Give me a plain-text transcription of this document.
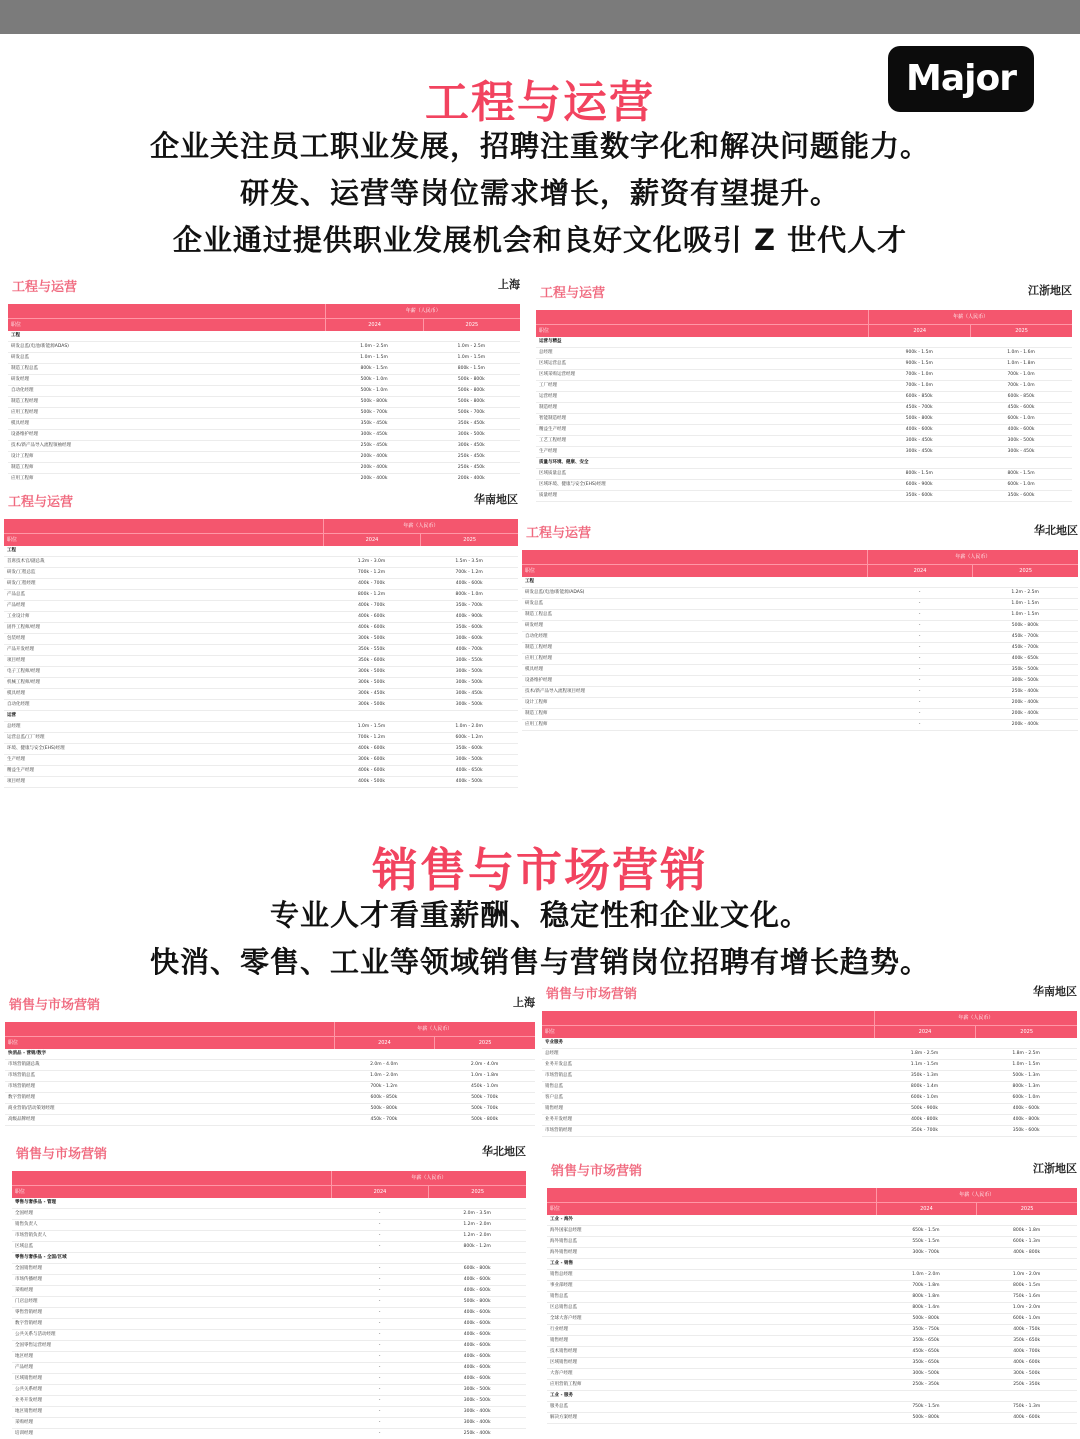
Major
工程与运营
企业关注员工职业发展，招聘注重数字化和解决问题能力。
研发、运营等岗位需求增长，薪资有望提升。
企业通过提供职业发展机会和良好文化吸引 Z 世代人才
销售与市场营销
专业人才看重薪酬、稳定性和企业文化。
快消、零售、工业等领域销售与营销岗位招聘有增长趋势。
工程与运营	上海
年薪（人民币）
职位	2024	2025
工程
研发总监(电池/新能源ADAS)	1.0m - 2.5m	1.0m - 2.5m
研发总监	1.0m - 1.5m	1.0m - 1.5m
制造工程总监	800k - 1.5m	800k - 1.5m
研发经理	500k - 1.0m	500k - 800k
自动化经理	500k - 1.0m	500k - 800k
制造工程经理	500k - 800k	500k - 800k
应用工程经理	500k - 700k	500k - 700k
模具经理	350k - 450k	350k - 450k
设备维护经理	300k - 450k	300k - 500k
技术/新产品导入流程领袖经理	250k - 450k	300k - 450k
设计工程师	200k - 400k	250k - 450k
制造工程师	200k - 400k	250k - 450k
应用工程师	200k - 400k	200k - 400k
工程与运营	江浙地区
年薪（人民币）
职位	2024	2025
运营与精益
总经理	900k - 1.5m	1.0m - 1.6m
区域运营总监	900k - 1.5m	1.0m - 1.8m
区域采购运营经理	700k - 1.0m	700k - 1.0m
工厂经理	700k - 1.0m	700k - 1.0m
运营经理	600k - 850k	600k - 850k
制造经理	450k - 700k	450k - 600k
智能制造经理	500k - 800k	600k - 1.0m
精益生产经理	400k - 600k	400k - 600k
工艺工程经理	300k - 450k	300k - 500k
生产经理	300k - 450k	300k - 450k
质量与环境、健康、安全
区域质量总监	800k - 1.5m	800k - 1.5m
区域环境、健康与安全(EHS)经理	600k - 900k	600k - 1.0m
质量经理	350k - 600k	350k - 600k
工程与运营	华南地区
年薪（人民币）
职位	2024	2025
工程
首席技术官/副总裁	1.2m - 3.0m	1.5m - 3.5m
研发/工程总监	700k - 1.2m	700k - 1.2m
研发/工程经理	400k - 700k	400k - 600k
产品总监	800k - 1.2m	800k - 1.0m
产品经理	400k - 700k	350k - 700k
工业设计师	400k - 600k	400k - 900k
固件工程师/经理	400k - 600k	350k - 600k
包装经理	300k - 500k	300k - 600k
产品开发经理	350k - 550k	400k - 700k
项目经理	350k - 600k	300k - 550k
电子工程师/经理	300k - 500k	300k - 500k
机械工程师/经理	300k - 500k	300k - 500k
模具经理	300k - 450k	300k - 450k
自动化经理	300k - 500k	300k - 500k
运营
总经理	1.0m - 1.5m	1.0m - 2.0m
运营总监/工厂经理	700k - 1.2m	600k - 1.2m
环境、健康与安全(EHS)经理	400k - 600k	350k - 600k
生产经理	300k - 600k	300k - 500k
精益生产经理	400k - 600k	400k - 650k
项目经理	400k - 500k	400k - 500k
工程与运营	华北地区
年薪（人民币）
职位	2024	2025
工程
研发总监(电池/新能源/ADAS)	-	1.2m - 2.5m
研发总监	-	1.0m - 1.5m
制造工程总监	-	1.0m - 1.5m
研发经理	-	500k - 800k
自动化经理	-	450k - 700k
制造工程经理	-	450k - 700k
应用工程经理	-	400k - 650k
模具经理	-	350k - 500k
设备维护经理	-	300k - 500k
技术/新产品导入流程项目经理	-	250k - 400k
设计工程师	-	200k - 400k
制造工程师	-	200k - 400k
应用工程师	-	200k - 400k
销售与市场营销	上海
年薪（人民币）
职位	2024	2025
快消品 - 营销/数字
市场营销副总裁	2.0m - 4.0m	2.0m - 4.0m
市场营销总监	1.0m - 2.0m	1.0m - 1.8m
市场营销经理	700k - 1.2m	450k - 1.0m
数字营销经理	600k - 850k	500k - 700k
商业营销/活动策划经理	500k - 800k	500k - 700k
高级品牌经理	450k - 700k	500k - 800k
销售与市场营销	华南地区
年薪（人民币）
职位	2024	2025
专业服务
总经理	1.8m - 2.5m	1.8m - 2.5m
业务开发总监	1.1m - 1.5m	1.0m - 1.5m
市场营销总监	350k - 1.3m	500k - 1.3m
销售总监	800k - 1.4m	800k - 1.3m
客户总监	600k - 1.0m	600k - 1.0m
销售经理	500k - 900k	400k - 600k
业务开发经理	400k - 800k	400k - 800k
市场营销经理	350k - 700k	350k - 600k
销售与市场营销	华北地区
年薪（人民币）
职位	2024	2025
零售与奢侈品 - 管理
全国经理	-	2.0m - 3.5m
销售负责人	-	1.2m - 2.0m
市场营销负责人	-	1.2m - 2.0m
区域总监	-	800k - 1.2m
零售与奢侈品 - 全国/区域
全国销售经理	-	600k - 800k
市场传播经理	-	400k - 600k
采购经理	-	400k - 600k
门店总经理	-	500k - 800k
零售营销经理	-	400k - 600k
数字营销经理	-	400k - 600k
公共关系与活动经理	-	400k - 600k
全国零售运营经理	-	400k - 600k
地区经理	-	400k - 600k
产品经理	-	400k - 600k
区域销售经理	-	400k - 600k
公共关系经理	-	300k - 500k
业务开发经理	-	300k - 500k
地区销售经理	-	300k - 400k
采购经理	-	300k - 400k
培训经理	-	250k - 400k
销售与市场营销	江浙地区
年薪（人民币）
职位	2024	2025
工业 - 海外
海外国家总经理	650k - 1.5m	800k - 1.8m
海外销售总监	550k - 1.5m	600k - 1.3m
海外销售经理	300k - 700k	400k - 800k
工业 - 销售
销售总经理	1.0m - 2.0m	1.0m - 2.0m
事业部经理	700k - 1.8m	800k - 1.5m
销售总监	800k - 1.8m	750k - 1.6m
区总销售总监	800k - 1.4m	1.0m - 2.0m
全球大客户经理	500k - 800k	600k - 1.0m
行业经理	350k - 750k	400k - 750k
销售经理	350k - 650k	350k - 650k
技术销售经理	450k - 650k	400k - 700k
区域销售经理	350k - 650k	400k - 600k
大客户经理	300k - 500k	300k - 500k
应用营销工程师	250k - 350k	250k - 350k
工业 - 服务
服务总监	750k - 1.5m	750k - 1.3m
解决方案经理	500k - 800k	400k - 600k
